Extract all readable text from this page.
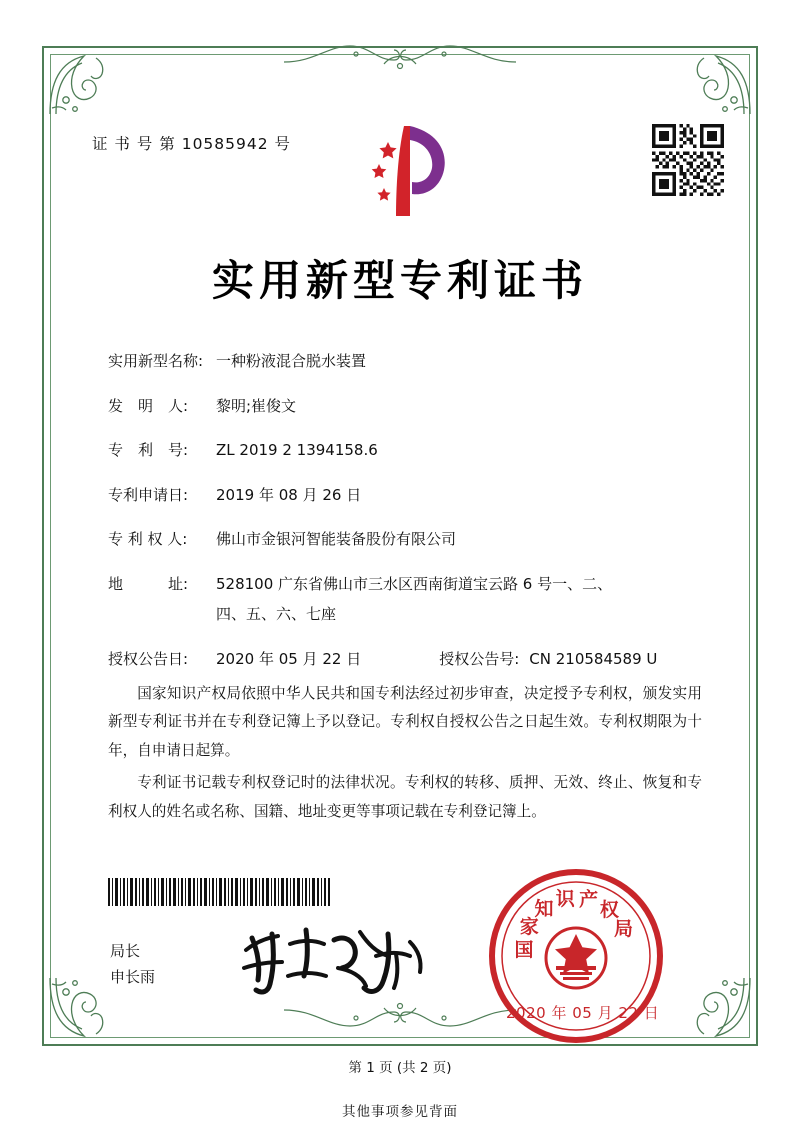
证 书 号 第 10585942 号
实用新型专利证书
实用新型名称: 一种粉液混合脱水装置
发　明　人:	黎明;崔俊文
专　利　号:	ZL 2019 2 1394158.6
专利申请日:	2019 年 08 月 26 日
专 利 权 人:	佛山市金银河智能装备股份有限公司
地　　　址:	528100 广东省佛山市三水区西南街道宝云路 6 号一、二、
四、五、六、七座
授权公告日:	2020 年 05 月 22 日	授权公告号: CN 210584589 U

国家知识产权局依照中华人民共和国专利法经过初步审查，决定授予专利权，颁发实用新型专利证书并在专利登记簿上予以登记。专利权自授权公告之日起生效。专利权期限为十年，自申请日起算。

专利证书记载专利权登记时的法律状况。专利权的转移、质押、无效、终止、恢复和专利权人的姓名或名称、国籍、地址变更等事项记载在专利登记簿上。

局长
申长雨
国
家
知 识 产 权
局
2020 年 05 月 22 日
第 1 页 (共 2 页)
其他事项参见背面
